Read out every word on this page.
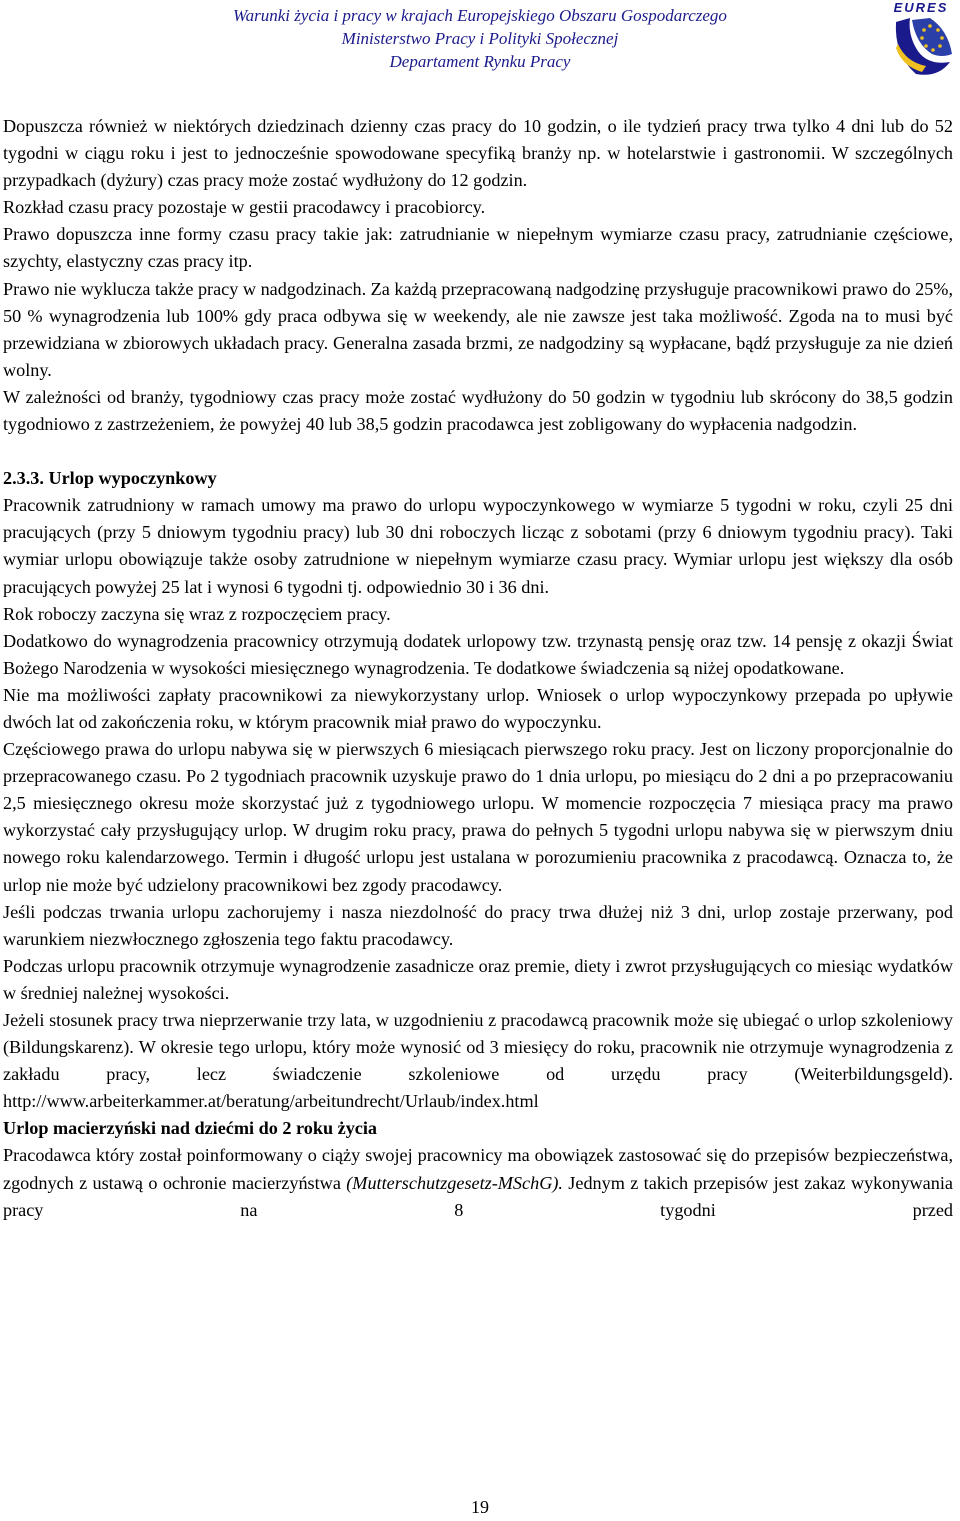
Warunki życia i pracy w krajach Europejskiego Obszaru Gospodarczego
Ministerstwo Pracy i Polityki Społecznej
Departament Rynku Pracy
EURES

Dopuszcza również w niektórych dziedzinach dzienny czas pracy do 10 godzin, o ile tydzień pracy trwa tylko 4 dni lub do 52 tygodni w ciągu roku i jest to jednocześnie spowodowane specyfiką branży np. w hotelarstwie i gastronomii. W szczególnych przypadkach (dyżury) czas pracy może zostać wydłużony do 12 godzin.

Rozkład czasu pracy pozostaje w gestii pracodawcy i pracobiorcy.

Prawo dopuszcza inne formy czasu pracy takie jak: zatrudnianie w niepełnym wymiarze czasu pracy, zatrudnianie częściowe, szychty, elastyczny czas pracy itp.

Prawo nie wyklucza także pracy w nadgodzinach. Za każdą przepracowaną nadgodzinę przysługuje pracownikowi prawo do 25%, 50 % wynagrodzenia lub 100% gdy praca odbywa się w weekendy, ale nie zawsze jest taka możliwość. Zgoda na to musi być przewidziana w zbiorowych układach pracy. Generalna zasada brzmi, ze nadgodziny są wypłacane, bądź przysługuje za nie dzień wolny.

W zależności od branży, tygodniowy czas pracy może zostać wydłużony do 50 godzin w tygodniu lub skrócony do 38,5 godzin tygodniowo z zastrzeżeniem, że powyżej 40 lub 38,5 godzin pracodawca jest zobligowany do wypłacenia nadgodzin.

2.3.3. Urlop wypoczynkowy

Pracownik zatrudniony w ramach umowy ma prawo do urlopu wypoczynkowego w wymiarze 5 tygodni w roku, czyli 25 dni pracujących (przy 5 dniowym tygodniu pracy) lub 30 dni roboczych licząc z sobotami (przy 6 dniowym tygodniu pracy). Taki wymiar urlopu obowiązuje także osoby zatrudnione w niepełnym wymiarze czasu pracy. Wymiar urlopu jest większy dla osób pracujących powyżej 25 lat i wynosi 6 tygodni tj. odpowiednio 30 i 36 dni.

Rok roboczy zaczyna się wraz z rozpoczęciem pracy.

Dodatkowo do wynagrodzenia pracownicy otrzymują dodatek urlopowy tzw. trzynastą pensję oraz tzw. 14 pensję z okazji Świat Bożego Narodzenia w wysokości miesięcznego wynagrodzenia. Te dodatkowe świadczenia są niżej opodatkowane.

Nie ma możliwości zapłaty pracownikowi za niewykorzystany urlop. Wniosek o urlop wypoczynkowy przepada po upływie dwóch lat od zakończenia roku, w którym pracownik miał prawo do wypoczynku.

Częściowego prawa do urlopu nabywa się w pierwszych 6 miesiącach pierwszego roku pracy. Jest on liczony proporcjonalnie do przepracowanego czasu. Po 2 tygodniach pracownik uzyskuje prawo do 1 dnia urlopu, po miesiącu do 2 dni a po przepracowaniu 2,5 miesięcznego okresu może skorzystać już z tygodniowego urlopu. W momencie rozpoczęcia 7 miesiąca pracy ma prawo wykorzystać cały przysługujący urlop. W drugim roku pracy, prawa do pełnych 5 tygodni urlopu nabywa się w pierwszym dniu nowego roku kalendarzowego. Termin i długość urlopu jest ustalana w porozumieniu pracownika z pracodawcą. Oznacza to, że urlop nie może być udzielony pracownikowi bez zgody pracodawcy.

Jeśli podczas trwania urlopu zachorujemy i nasza niezdolność do pracy trwa dłużej niż 3 dni, urlop zostaje przerwany, pod warunkiem niezwłocznego zgłoszenia tego faktu pracodawcy.

Podczas urlopu pracownik otrzymuje wynagrodzenie zasadnicze oraz premie, diety i zwrot przysługujących co miesiąc wydatków w średniej należnej wysokości.

Jeżeli stosunek pracy trwa nieprzerwanie trzy lata, w uzgodnieniu z pracodawcą pracownik może się ubiegać o urlop szkoleniowy (Bildungskarenz). W okresie tego urlopu, który może wynosić od 3 miesięcy do roku, pracownik nie otrzymuje wynagrodzenia z zakładu pracy, lecz świadczenie szkoleniowe od urzędu pracy (Weiterbildungsgeld).

http://www.arbeiterkammer.at/beratung/arbeitundrecht/Urlaub/index.html

Urlop macierzyński nad dziećmi do 2 roku życia

Pracodawca który został poinformowany o ciąży swojej pracownicy ma obowiązek zastosować się do przepisów bezpieczeństwa, zgodnych z ustawą o ochronie macierzyństwa (Mutterschutzgesetz-MSchG). Jednym z takich przepisów jest zakaz wykonywania pracy na 8 tygodni przed

19
